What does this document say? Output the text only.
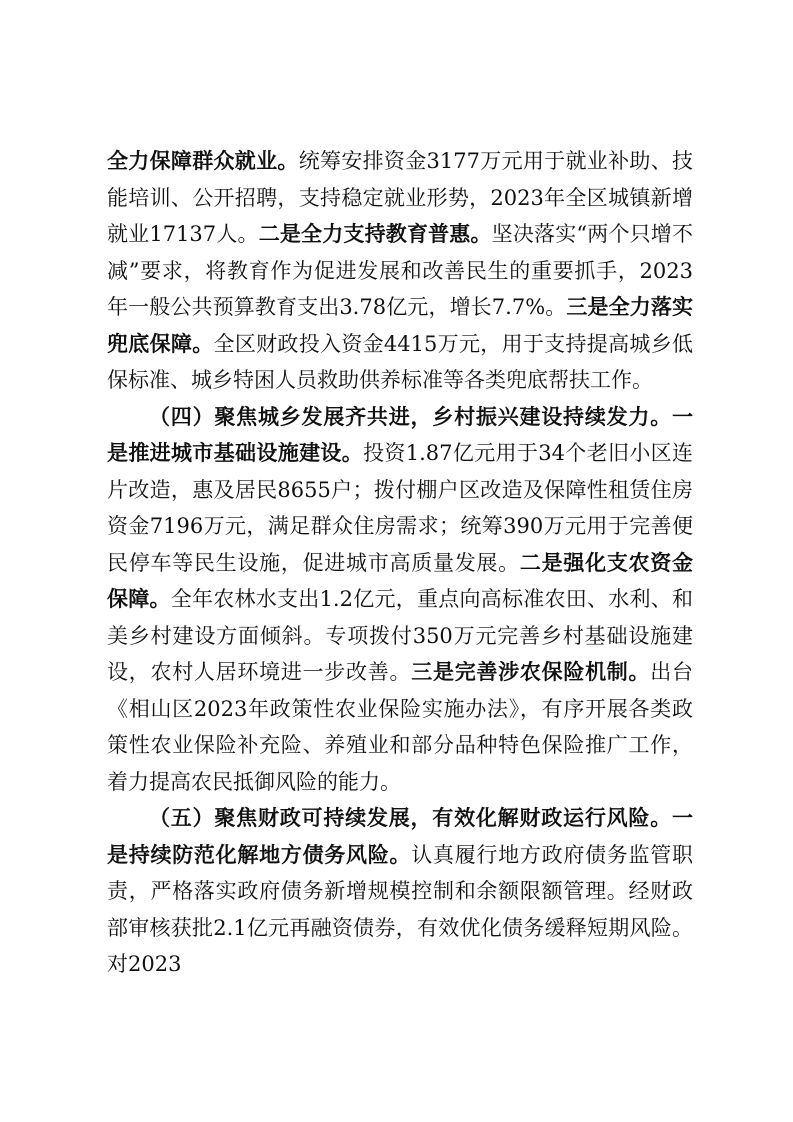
全力保障群众就业。统筹安排资金3177万元用于就业补助、技能培训、公开招聘，支持稳定就业形势，2023年全区城镇新增就业17137人。二是全力支持教育普惠。坚决落实“两个只增不减”要求，将教育作为促进发展和改善民生的重要抓手，2023年一般公共预算教育支出3.78亿元，增长7.7%。三是全力落实兜底保障。全区财政投入资金4415万元，用于支持提高城乡低保标准、城乡特困人员救助供养标准等各类兜底帮扶工作。

（四）聚焦城乡发展齐共进，乡村振兴建设持续发力。一是推进城市基础设施建设。投资1.87亿元用于34个老旧小区连片改造，惠及居民8655户；拨付棚户区改造及保障性租赁住房资金7196万元，满足群众住房需求；统筹390万元用于完善便民停车等民生设施，促进城市高质量发展。二是强化支农资金保障。全年农林水支出1.2亿元，重点向高标准农田、水利、和美乡村建设方面倾斜。专项拨付350万元完善乡村基础设施建设，农村人居环境进一步改善。三是完善涉农保险机制。出台《相山区2023年政策性农业保险实施办法》，有序开展各类政策性农业保险补充险、养殖业和部分品种特色保险推广工作，着力提高农民抵御风险的能力。

（五）聚焦财政可持续发展，有效化解财政运行风险。一是持续防范化解地方债务风险。认真履行地方政府债务监管职责，严格落实政府债务新增规模控制和余额限额管理。经财政部审核获批2.1亿元再融资债券，有效优化债务缓释短期风险。对2023
